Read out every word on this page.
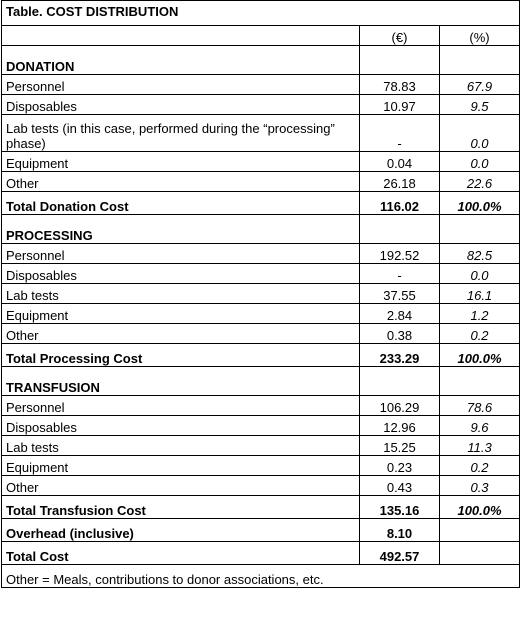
Table. COST DISTRIBUTION		
	(€)	(%)
DONATION		
Personnel	78.83	67.9
Disposables	10.97	9.5
Lab tests (in this case, performed during the “processing” phase)	-	0.0
Equipment	0.04	0.0
Other	26.18	22.6
Total Donation Cost	116.02	100.0%
PROCESSING		
Personnel	192.52	82.5
Disposables	-	0.0
Lab tests	37.55	16.1
Equipment	2.84	1.2
Other	0.38	0.2
Total Processing Cost	233.29	100.0%
TRANSFUSION		
Personnel	106.29	78.6
Disposables	12.96	9.6
Lab tests	15.25	11.3
Equipment	0.23	0.2
Other	0.43	0.3
Total Transfusion Cost	135.16	100.0%
Overhead (inclusive)	8.10	
Total Cost	492.57	
Other = Meals, contributions to donor associations, etc.		
